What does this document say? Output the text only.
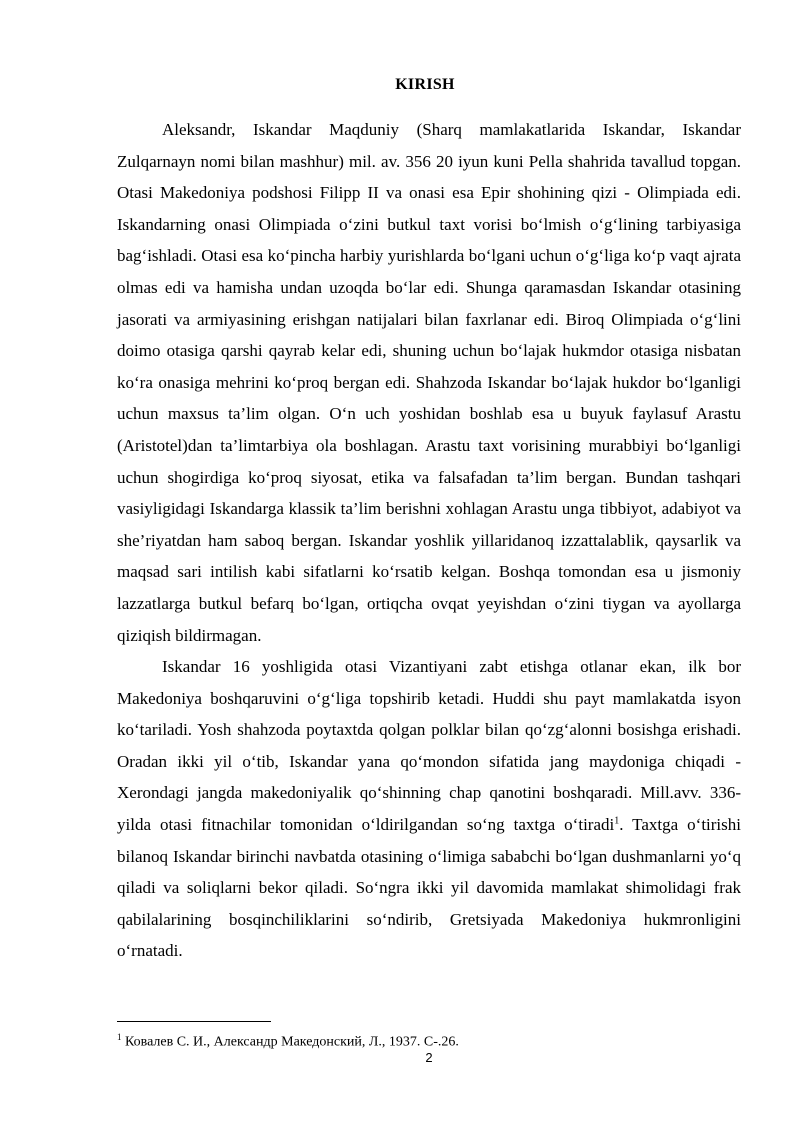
KIRISH

Aleksandr, Iskandar Maqduniy (Sharq mamlakatlarida Iskandar, Iskandar Zulqarnayn nomi bilan mashhur) mil. av. 356 20 iyun kuni Pella shahrida tavallud topgan. Otasi Makedoniya podshosi Filipp II va onasi esa Epir shohining qizi - Olimpiada edi. Iskandarning onasi Olimpiada o‘zini butkul taxt vorisi bo‘lmish o‘g‘lining tarbiyasiga bag‘ishladi. Otasi esa ko‘pincha harbiy yurishlarda bo‘lgani uchun o‘g‘liga ko‘p vaqt ajrata olmas edi va hamisha undan uzoqda bo‘lar edi. Shunga qaramasdan Iskandar otasining jasorati va armiyasining erishgan natijalari bilan faxrlanar edi. Biroq Olimpiada o‘g‘lini doimo otasiga qarshi qayrab kelar edi, shuning uchun bo‘lajak hukmdor otasiga nisbatan ko‘ra onasiga mehrini ko‘proq bergan edi. Shahzoda Iskandar bo‘lajak hukdor bo‘lganligi uchun maxsus ta’lim olgan. O‘n uch yoshidan boshlab esa u buyuk faylasuf Arastu (Aristotel)dan ta’limtarbiya ola boshlagan. Arastu taxt vorisining murabbiyi bo‘lganligi uchun shogirdiga ko‘proq siyosat, etika va falsafadan ta’lim bergan. Bundan tashqari vasiyligidagi Iskandarga klassik ta’lim berishni xohlagan Arastu unga tibbiyot, adabiyot va she’riyatdan ham saboq bergan. Iskandar yoshlik yillaridanoq izzattalablik, qaysarlik va maqsad sari intilish kabi sifatlarni ko‘rsatib kelgan. Boshqa tomondan esa u jismoniy lazzatlarga butkul befarq bo‘lgan, ortiqcha ovqat yeyishdan o‘zini tiygan va ayollarga qiziqish bildirmagan.

Iskandar 16 yoshligida otasi Vizantiyani zabt etishga otlanar ekan, ilk bor Makedoniya boshqaruvini o‘g‘liga topshirib ketadi. Huddi shu payt mamlakatda isyon ko‘tariladi. Yosh shahzoda poytaxtda qolgan polklar bilan qo‘zg‘alonni bosishga erishadi. Oradan ikki yil o‘tib, Iskandar yana qo‘mondon sifatida jang maydoniga chiqadi - Xerondagi jangda makedoniyalik qo‘shinning chap qanotini boshqaradi. Mill.avv. 336-yilda otasi fitnachilar tomonidan o‘ldirilgandan so‘ng taxtga o‘tiradi$^1$. Taxtga o‘tirishi bilanoq Iskandar birinchi navbatda otasining o‘limiga sababchi bo‘lgan dushmanlarni yo‘q qiladi va soliqlarni bekor qiladi. So‘ngra ikki yil davomida mamlakat shimolidagi frak qabilalarining bosqinchiliklarini so‘ndirib, Gretsiyada Makedoniya hukmronligini o‘rnatadi.

$^1$ Ковалев С. И., Александр Македонский, Л., 1937. С-.26.
2
